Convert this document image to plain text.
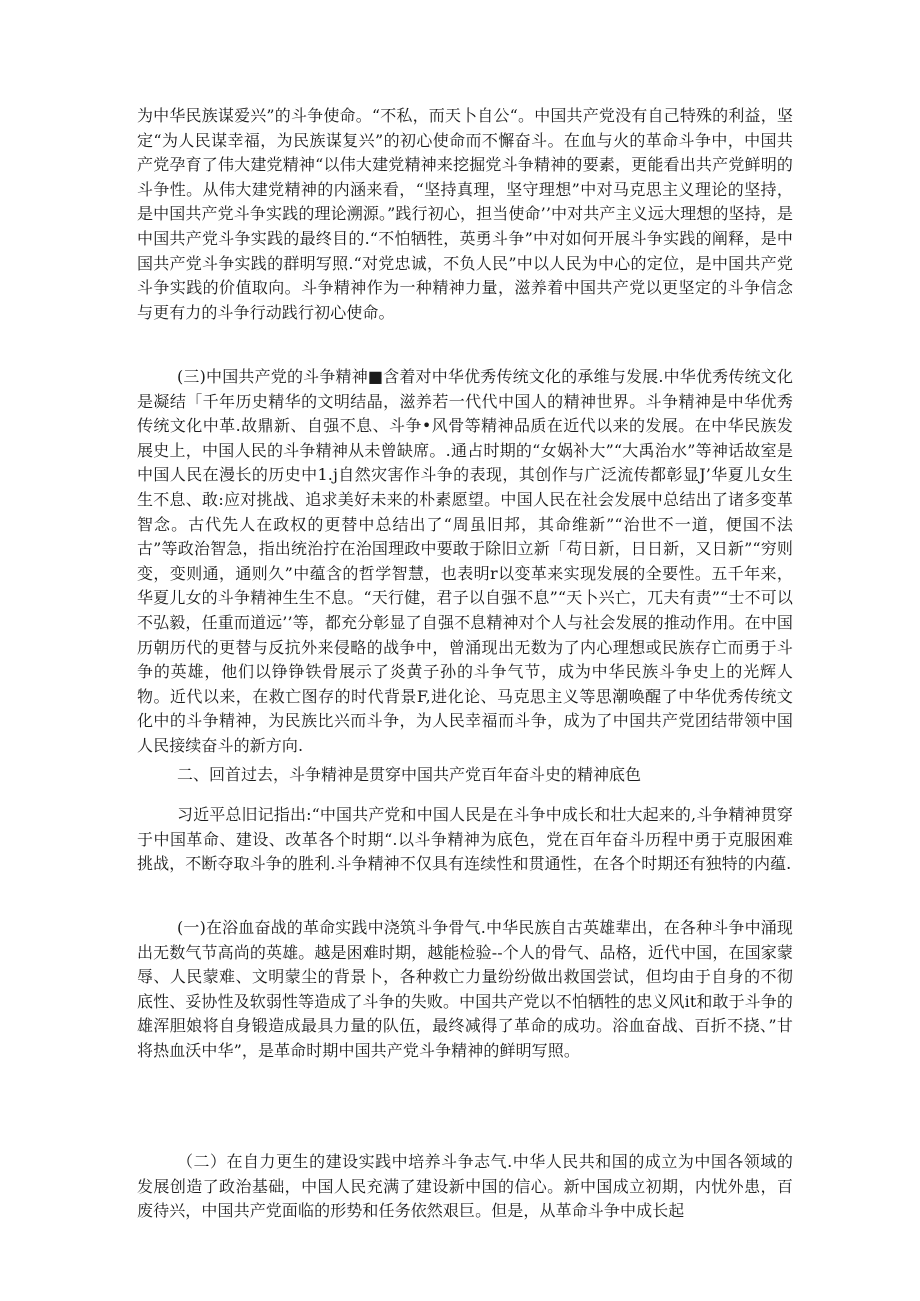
为中华民族谋爱兴”的斗争使命。“不私，而天卜自公“。中国共产党没有自己特殊的利益，坚定“为人民谋幸福，为民族谋复兴”的初心使命而不懈奋斗。在血与火的革命斗争中，中国共产党孕育了伟大建党精神“以伟大建党精神来挖掘党斗争精神的要素，更能看出共产党鲜明的斗争性。从伟大建党精神的内涵来看，“坚持真理，坚守理想”中对马克思主义理论的坚持，是中国共产党斗争实践的理论溯源。”践行初心，担当使命’’中对共产主义远大理想的坚持，是中国共产党斗争实践的最终目的.“不怕牺牲，英勇斗争”中对如何开展斗争实践的阐释，是中国共产党斗争实践的群明写照.“对党忠诚，不负人民”中以人民为中心的定位，是中国共产党斗争实践的价值取向。斗争精神作为一种精神力量，滋养着中国共产党以更坚定的斗争信念与更有力的斗争行动践行初心使命。

(三)中国共产党的斗争精神■含着对中华优秀传统文化的承维与发展.中华优秀传统文化是凝结「千年历史精华的文明结晶，滋养若一代代中国人的精神世界。斗争精神是中华优秀传统文化中革.故鼎新、自强不息、斗争•风骨等精神品质在近代以来的发展。在中华民族发展史上，中国人民的斗争精神从未曾缺席。.通占时期的“女娲补大”“大禹治水”等神话故室是中国人民在漫长的历史中1.j自然灾害作斗争的表现，其创作与广泛流传都彰显J’华夏儿女生生不息、敢:应对挑战、追求美好未来的朴素愿望。中国人民在社会发展中总结出了诸多变革智念。古代先人在政权的更替中总结出了“周虽旧邦，其命维新”“治世不一道，便国不法古”等政治智急，指出统治拧在治国理政中要敢于除旧立新「苟日新，日日新，又日新”“穷则变，变则通，通则久”中蕴含的哲学智慧，也表明r以变革来实现发展的全要性。五千年来，华夏儿女的斗争精神生生不息。“天行健，君子以自强不息”“天卜兴亡，兀夫有责”“士不可以不弘毅，任重而道远’’等，都充分彰显了自强不息精神对个人与社会发展的推动作用。在中国历朝历代的更替与反抗外来侵略的战争中，曾涌现出无数为了内心理想或民族存亡而勇于斗争的英雄，他们以铮铮铁骨展示了炎黄子孙的斗争气节，成为中华民族斗争史上的光辉人物。近代以来，在救亡图存的时代背景F,进化论、马克思主义等思潮唤醒了中华优秀传统文化中的斗争精神，为民族比兴而斗争，为人民幸福而斗争，成为了中国共产党团结带领中国人民接续奋斗的新方向.

二、回首过去，斗争精神是贯穿中国共产党百年奋斗史的精神底色

习近平总旧记指出:“中国共产党和中国人民是在斗争中成长和壮大起来的,斗争精神贯穿于中国革命、建设、改革各个时期“.以斗争精神为底色，党在百年奋斗历程中勇于克服困难挑战，不断夺取斗争的胜利.斗争精神不仅具有连续性和贯通性，在各个时期还有独特的内蕴.

(一)在浴血奋战的革命实践中浇筑斗争骨气.中华民族自古英雄辈出，在各种斗争中涌现出无数气节高尚的英雄。越是困难时期，越能检验--个人的骨气、品格，近代中国，在国家蒙辱、人民蒙难、文明蒙尘的背景卜，各种救亡力量纷纷做出救国尝试，但均由于自身的不彻底性、妥协性及软弱性等造成了斗争的失败。中国共产党以不怕牺牲的忠义风it和敢于斗争的雄浑胆娘将自身锻造成最具力量的队伍，最终减得了革命的成功。浴血奋战、百折不挠、”甘将热血沃中华”，是革命时期中国共产党斗争精神的鲜明写照。

（二）在自力更生的建设实践中培养斗争志气.中华人民共和国的成立为中国各领域的发展创造了政治基础，中国人民充满了建设新中国的信心。新中国成立初期，内忧外患，百废待兴，中国共产党面临的形势和任务依然艰巨。但是，从革命斗争中成长起
